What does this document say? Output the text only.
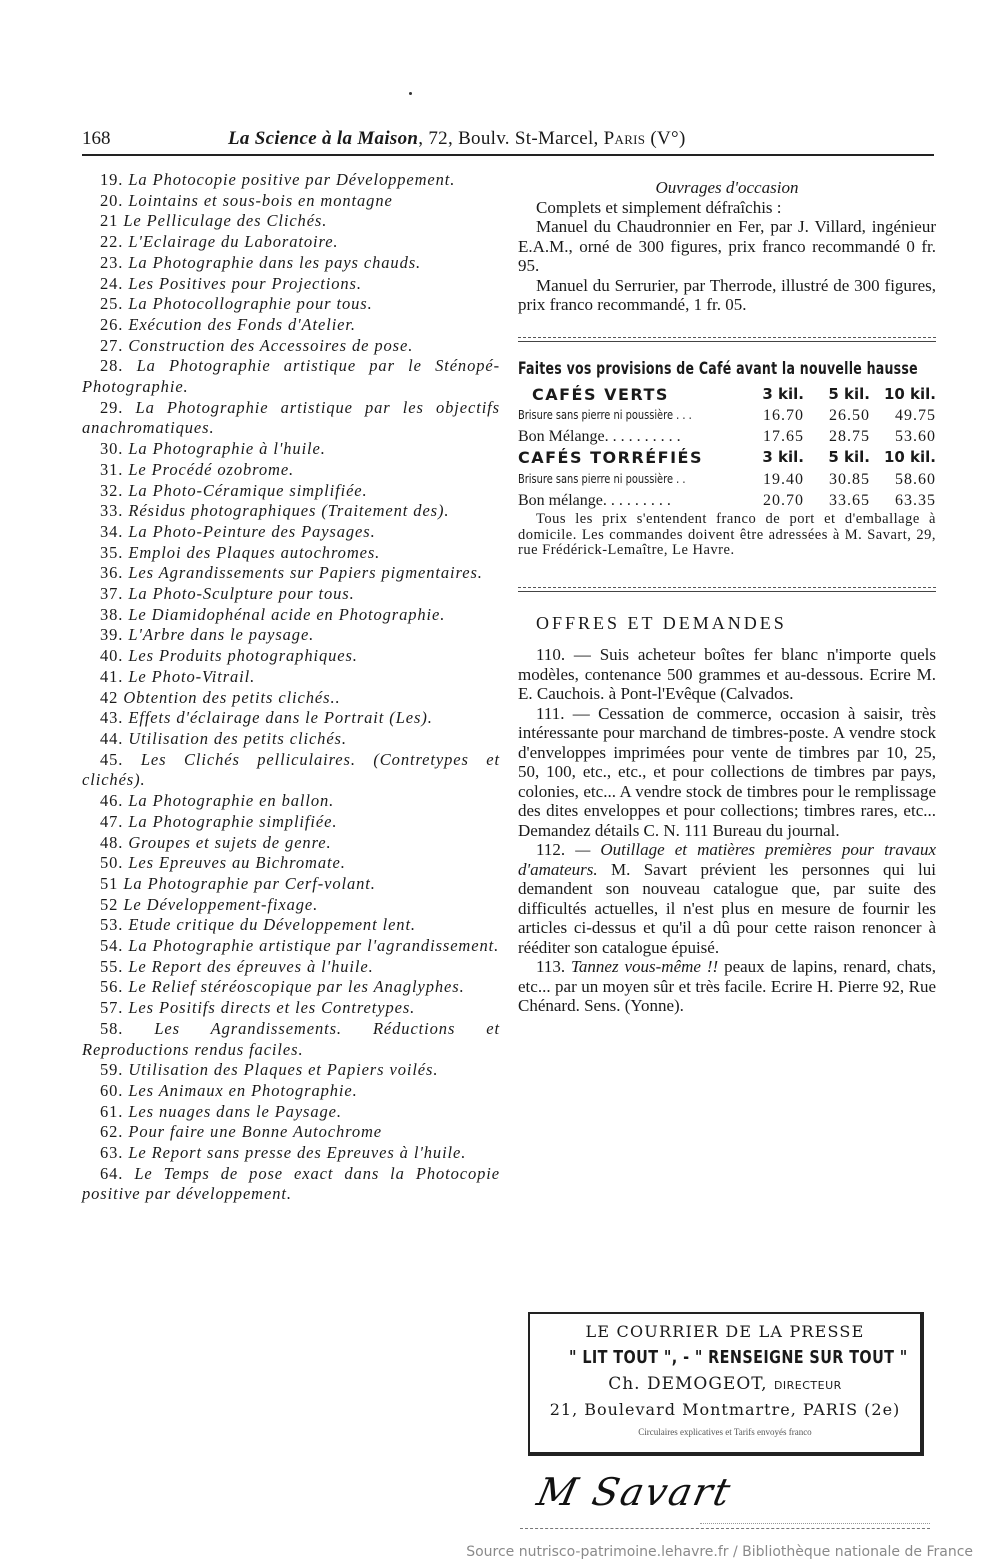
168	La Science à la Maison, 72, Boulv. St-Marcel, Paris (V°)

19. La Photocopie positive par Développement.

20. Lointains et sous-bois en montagne

21 Le Pelliculage des Clichés.

22. L'Eclairage du Laboratoire.

23. La Photographie dans les pays chauds.

24. Les Positives pour Projections.

25. La Photocollographie pour tous.

26. Exécution des Fonds d'Atelier.

27. Construction des Accessoires de pose.

28. La Photographie artistique par le Sténopé-Photographie.

29. La Photographie artistique par les objectifs anachromatiques.

30. La Photographie à l'huile.

31. Le Procédé ozobrome.

32. La Photo-Céramique simplifiée.

33. Résidus photographiques (Traitement des).

34. La Photo-Peinture des Paysages.

35. Emploi des Plaques autochromes.

36. Les Agrandissements sur Papiers pigmentaires.

37. La Photo-Sculpture pour tous.

38. Le Diamidophénal acide en Photographie.

39. L'Arbre dans le paysage.

40. Les Produits photographiques.

41. Le Photo-Vitrail.

42 Obtention des petits clichés..

43. Effets d'éclairage dans le Portrait (Les).

44. Utilisation des petits clichés.

45. Les Clichés pelliculaires. (Contretypes et clichés).

46. La Photographie en ballon.

47. La Photographie simplifiée.

48. Groupes et sujets de genre.

50. Les Epreuves au Bichromate.

51 La Photographie par Cerf-volant.

52 Le Développement-fixage.

53. Etude critique du Développement lent.

54. La Photographie artistique par l'agrandissement.

55. Le Report des épreuves à l'huile.

56. Le Relief stéréoscopique par les Anaglyphes.

57. Les Positifs directs et les Contretypes.

58. Les Agrandissements. Réductions et Reproductions rendus faciles.

59. Utilisation des Plaques et Papiers voilés.

60. Les Animaux en Photographie.

61. Les nuages dans le Paysage.

62. Pour faire une Bonne Autochrome

63. Le Report sans presse des Epreuves à l'huile.

64. Le Temps de pose exact dans la Photocopie positive par développement.

Ouvrages d'occasion

Complets et simplement défraîchis :

Manuel du Chaudronnier en Fer, par J. Villard, ingénieur E.A.M., orné de 300 figures, prix franco recommandé 0 fr. 95.

Manuel du Serrurier, par Therrode, illustré de 300 figures, prix franco recommandé, 1 fr. 05.

Faites vos provisions de Café avant la nouvelle hausse
CAFÉS VERTS	3 kil.	5 kil.	10 kil.
Brisure sans pierre ni poussière . . .	16.70	26.50	49.75
Bon Mélange. . . . . . . . . .	17.65	28.75	53.60
CAFÉS TORRÉFIÉS	3 kil.	5 kil.	10 kil.
Brisure sans pierre ni poussière . .	19.40	30.85	58.60
Bon mélange. . . . . . . . .	20.70	33.65	63.35

Tous les prix s'entendent franco de port et d'emballage à domicile. Les commandes doivent être adressées à M. Savart, 29, rue Frédérick-Lemaître, Le Havre.

OFFRES ET DEMANDES

110. — Suis acheteur boîtes fer blanc n'importe quels modèles, contenance 500 grammes et au-dessous. Ecrire M. E. Cauchois. à Pont-l'Evêque (Calvados.

111. — Cessation de commerce, occasion à saisir, très intéressante pour marchand de timbres-poste. A vendre stock d'enveloppes imprimées pour vente de timbres par 10, 25, 50, 100, etc., etc., et pour collections de timbres par pays, colonies, etc... A vendre stock de timbres pour le remplissage des dites enveloppes et pour collections; timbres rares, etc... Demandez détails C. N. 111 Bureau du journal.

112. — Outillage et matières premières pour travaux d'amateurs. M. Savart prévient les personnes qui lui demandent son nouveau catalogue que, par suite des difficultés actuelles, il n'est plus en mesure de fournir les articles ci-dessus et qu'il a dû pour cette raison renoncer à rééditer son catalogue épuisé.

113. Tannez vous-même !! peaux de lapins, renard, chats, etc... par un moyen sûr et très facile. Ecrire H. Pierre 92, Rue Chénard. Sens. (Yonne).

LE COURRIER DE LA PRESSE
" LIT TOUT ", - " RENSEIGNE SUR TOUT "
Ch. DEMOGEOT, DIRECTEUR
21, Boulevard Montmartre, PARIS (2e)
Circulaires explicatives et Tarifs envoyés franco
M Savart
Source nutrisco-patrimoine.lehavre.fr / Bibliothèque nationale de France
